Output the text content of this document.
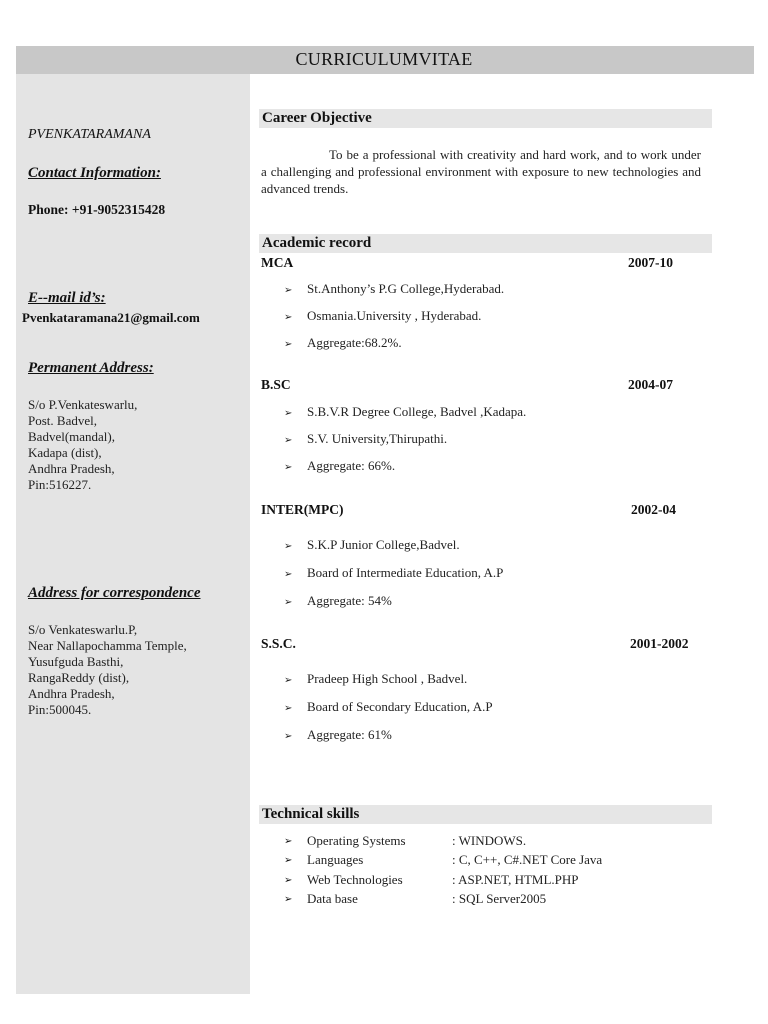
CURRICULUMVITAE
PVENKATARAMANA
Contact Information:
Phone: +91-9052315428
E--mail id’s:
Pvenkataramana21@gmail.com
Permanent Address:
S/o P.Venkateswarlu,
Post. Badvel,
Badvel(mandal),
Kadapa (dist),
Andhra Pradesh,
Pin:516227.
Address for correspondence
S/o Venkateswarlu.P,
Near Nallapochamma Temple,
Yusufguda Basthi,
RangaReddy (dist),
Andhra Pradesh,
Pin:500045.
Career Objective
To be a professional with creativity and hard work, and to work under a challenging and professional environment with exposure to new technologies and advanced trends.
Academic record
MCA	2007-10
➢ St.Anthony’s P.G College,Hyderabad.
➢ Osmania.University , Hyderabad.
➢ Aggregate:68.2%.
B.SC	2004-07
➢ S.B.V.R Degree College, Badvel ,Kadapa.
➢ S.V. University,Thirupathi.
➢ Aggregate: 66%.
INTER(MPC)	2002-04
➢ S.K.P Junior College,Badvel.
➢ Board of Intermediate Education, A.P
➢ Aggregate: 54%
S.S.C.	2001-2002
➢ Pradeep High School , Badvel.
➢ Board of Secondary Education, A.P
➢ Aggregate: 61%
Technical skills
➢ Operating Systems	: WINDOWS.
➢ Languages	: C, C++, C#.NET Core Java
➢ Web Technologies	: ASP.NET, HTML.PHP
➢ Data base	: SQL Server2005
